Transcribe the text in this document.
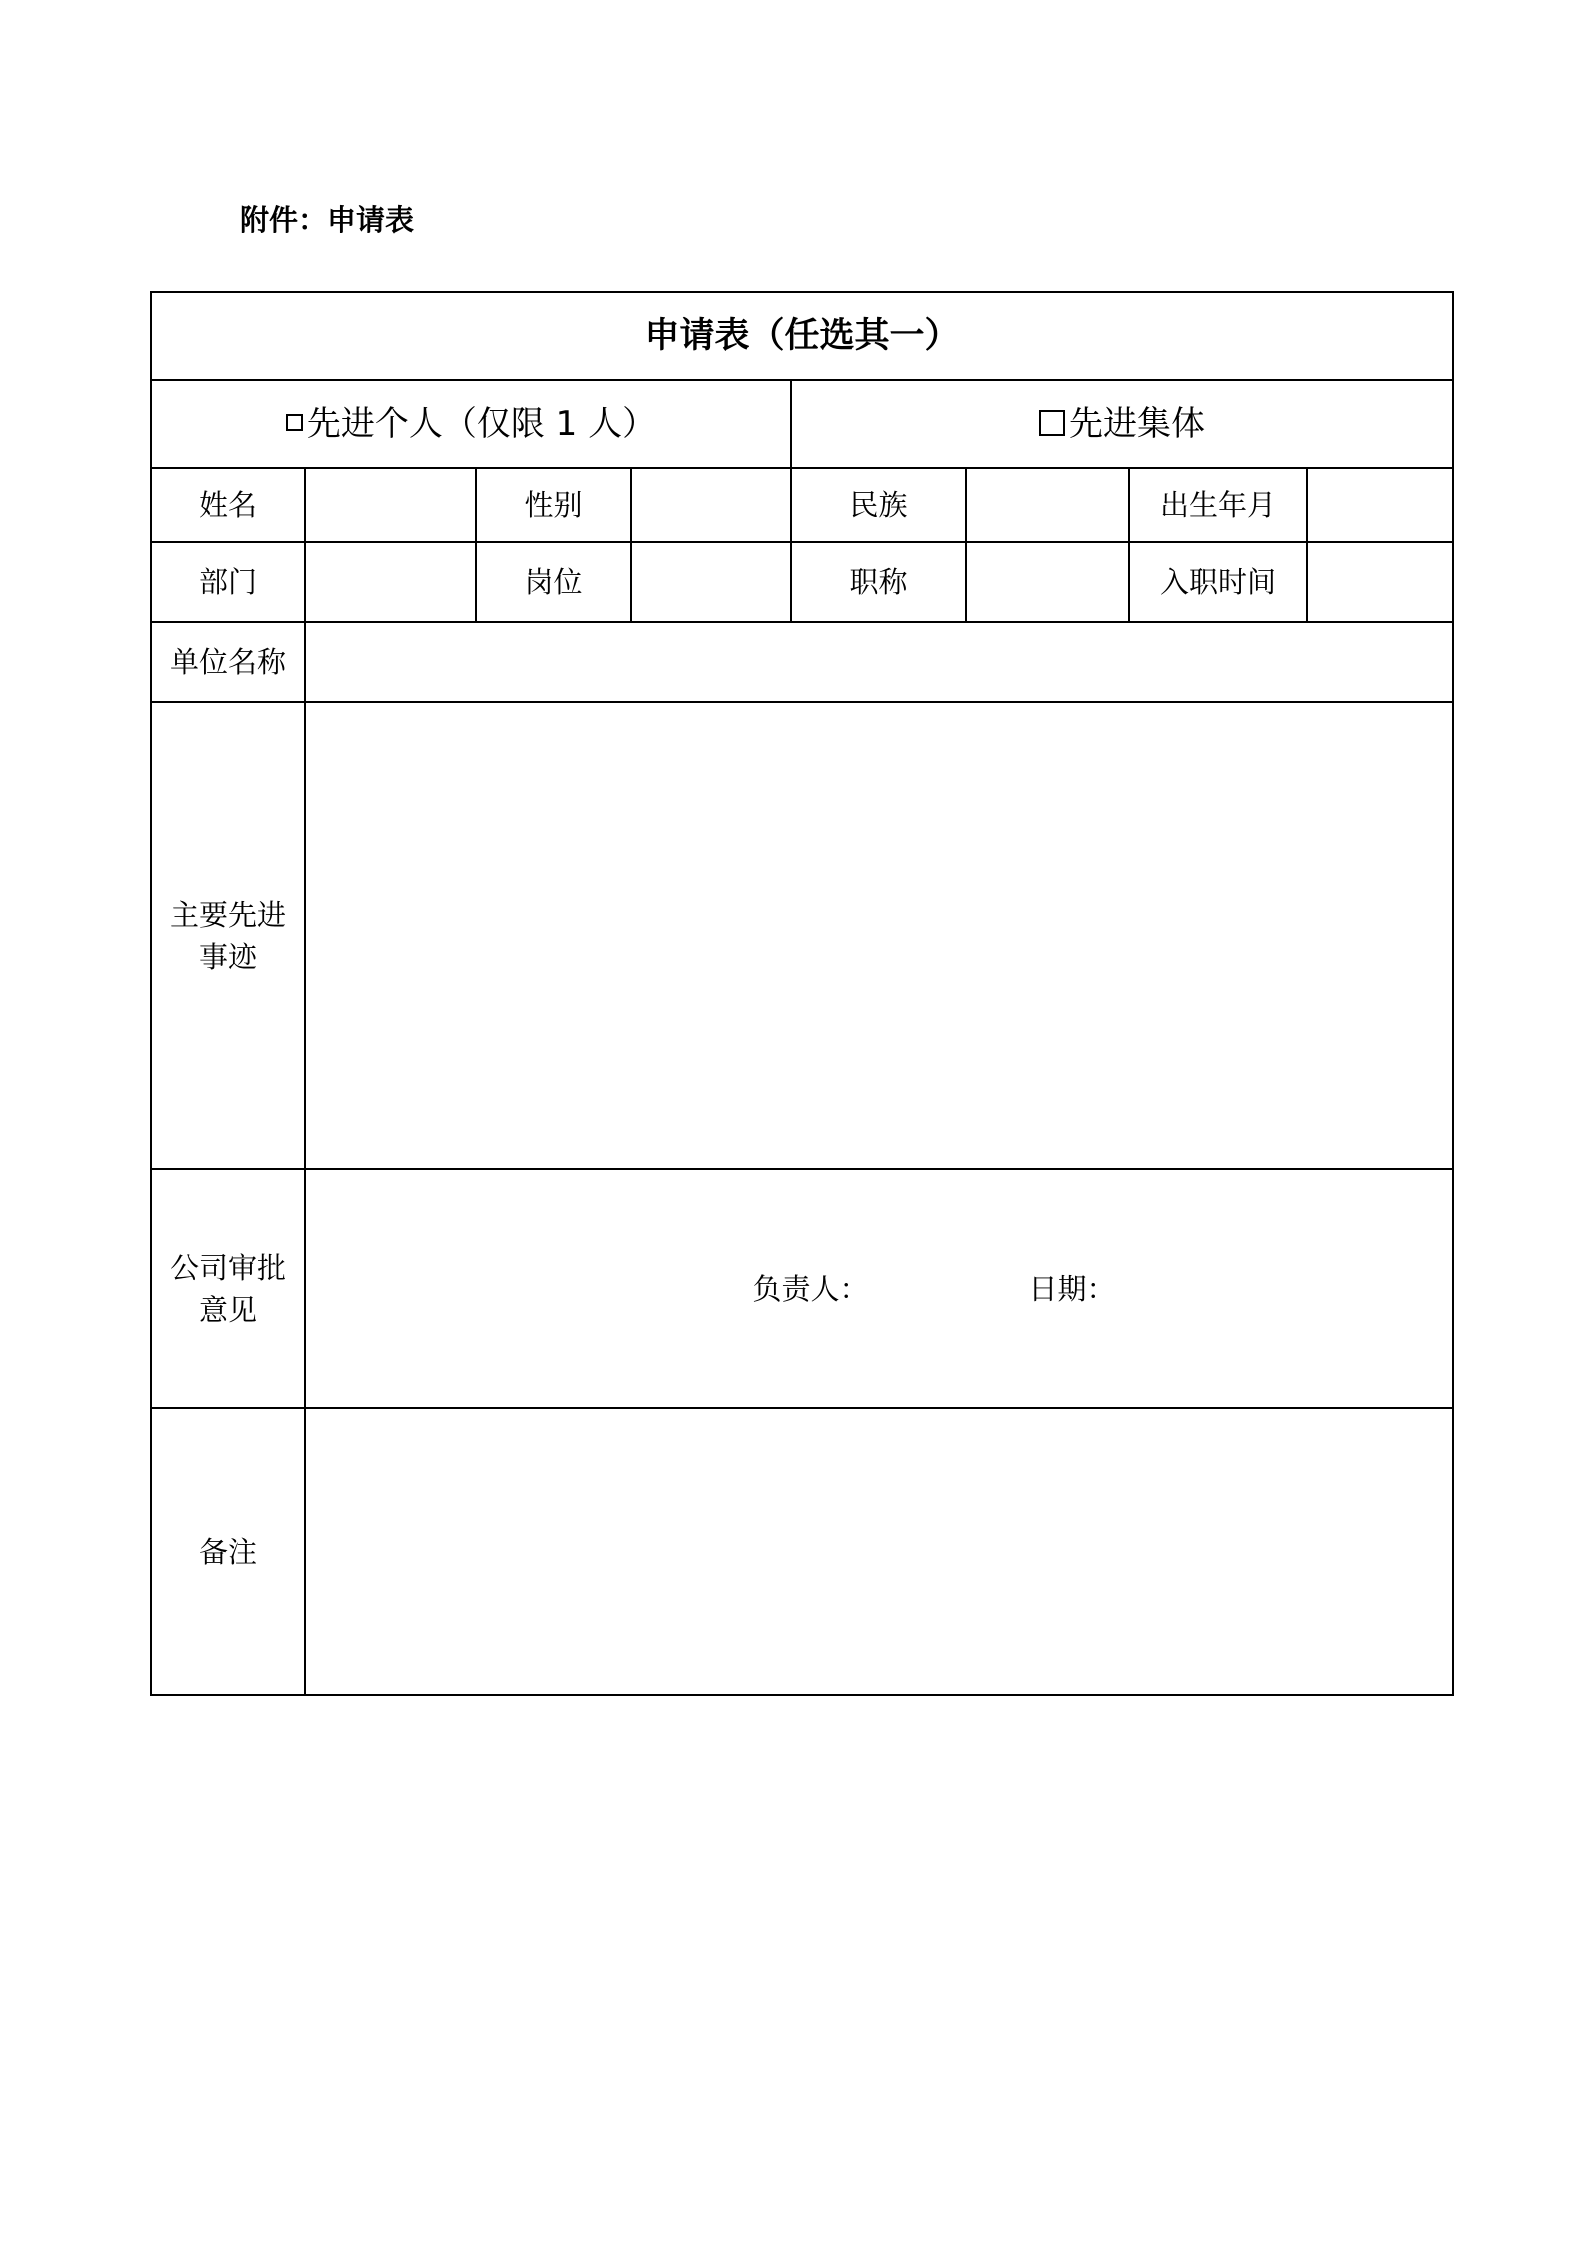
附件：申请表
申请表（任选其一）							
先进个人（仅限 1 人）				先进集体			
姓名		性别		民族		出生年月	
部门		岗位		职称		入职时间	
单位名称							
主要先进事迹							
公司审批意见	负责人： 日期：						
备注							
